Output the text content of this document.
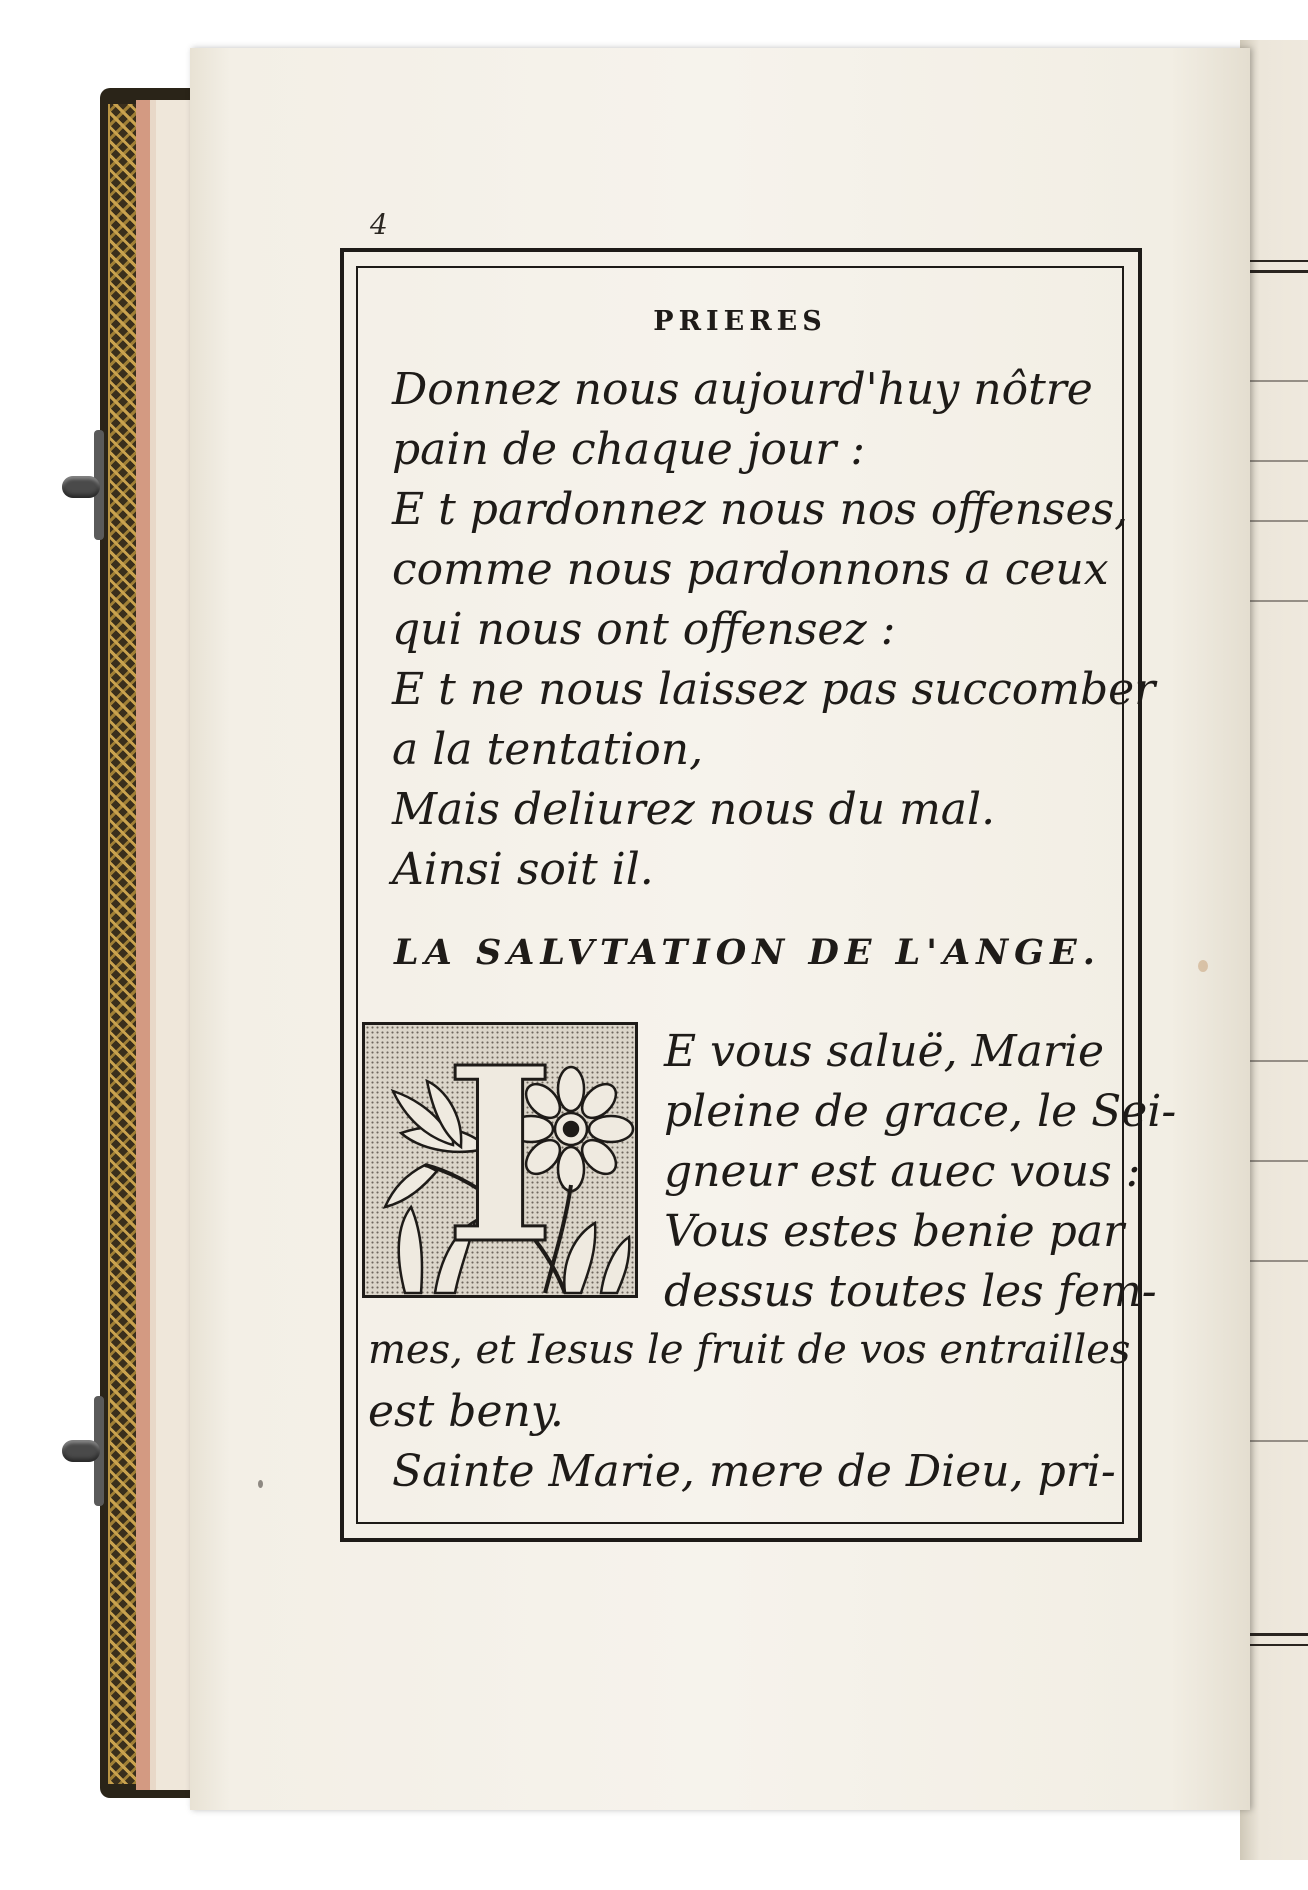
4
PRIERES
Donnez nous aujourd'huy nôtre
pain de chaque jour :
E t pardonnez nous nos offenses,
comme nous pardonnons a ceux
qui nous ont offensez :
E t ne nous laissez pas succomber
a la tentation,
Mais deliurez nous du mal.
Ainsi soit il.
LA SALVTATION DE L'ANGE.
I	E vous saluë, Marie
pleine de grace, le Sei-
gneur est auec vous :
Vous estes benie par
dessus toutes les fem-
mes, et Iesus le fruit de vos entrailles
est beny.
Sainte Marie, mere de Dieu, pri-
